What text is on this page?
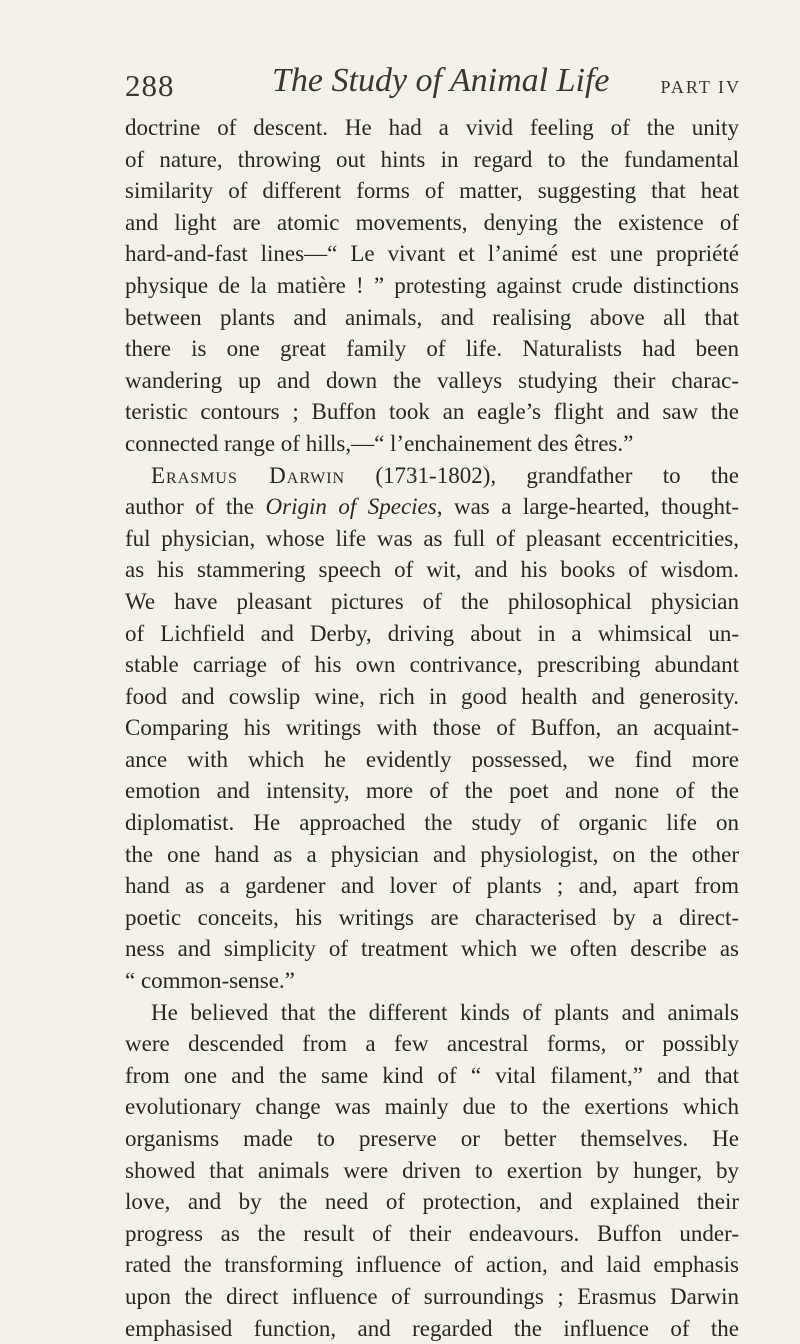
288	The Study of Animal Life	PART IV
doctrine of descent. He had a vivid feeling of the unity
of nature, throwing out hints in regard to the fundamental
similarity of different forms of matter, suggesting that heat
and light are atomic movements, denying the existence of
hard-and-fast lines—“ Le vivant et l’animé est une propriété
physique de la matière ! ” protesting against crude distinctions
between plants and animals, and realising above all that
there is one great family of life. Naturalists had been
wandering up and down the valleys studying their charac-
teristic contours ; Buffon took an eagle’s flight and saw the
connected range of hills,—“ l’enchainement des êtres.”
Erasmus Darwin (1731-1802), grandfather to the
author of the Origin of Species, was a large-hearted, thought-
ful physician, whose life was as full of pleasant eccentricities,
as his stammering speech of wit, and his books of wisdom.
We have pleasant pictures of the philosophical physician
of Lichfield and Derby, driving about in a whimsical un-
stable carriage of his own contrivance, prescribing abundant
food and cowslip wine, rich in good health and generosity.
Comparing his writings with those of Buffon, an acquaint-
ance with which he evidently possessed, we find more
emotion and intensity, more of the poet and none of the
diplomatist. He approached the study of organic life on
the one hand as a physician and physiologist, on the other
hand as a gardener and lover of plants ; and, apart from
poetic conceits, his writings are characterised by a direct-
ness and simplicity of treatment which we often describe as
“ common-sense.”
He believed that the different kinds of plants and animals
were descended from a few ancestral forms, or possibly
from one and the same kind of “ vital filament,” and that
evolutionary change was mainly due to the exertions which
organisms made to preserve or better themselves. He
showed that animals were driven to exertion by hunger, by
love, and by the need of protection, and explained their
progress as the result of their endeavours. Buffon under-
rated the transforming influence of action, and laid emphasis
upon the direct influence of surroundings ; Erasmus Darwin
emphasised function, and regarded the influence of the
